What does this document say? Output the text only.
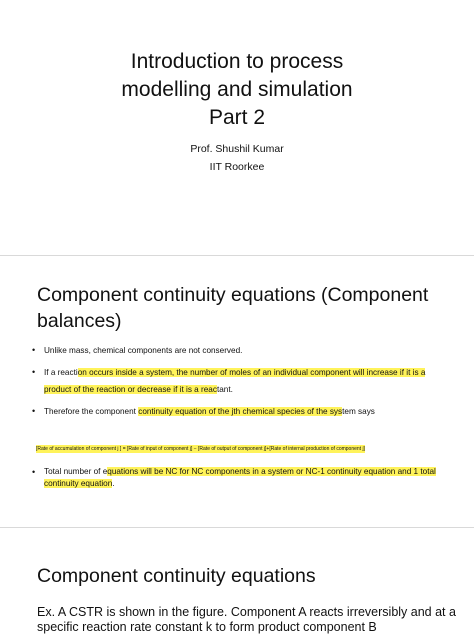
Introduction to process
modelling and simulation
Part 2
Prof. Shushil Kumar
IIT Roorkee
Component continuity equations (Component
balances)
• Unlike mass, chemical components are not conserved.
• If a reaction occurs inside a system, the number of moles of an individual component will increase if it is a product of the reaction or decrease if it is a reactant.
• Therefore the component continuity equation of the jth chemical species of the system says
[Rate of accumulation of component j ] = [Rate of input of component j] − [Rate of output of component j]+[Rate of internal production of component j]
• Total number of equations will be NC for NC components in a system or NC-1 continuity equation and 1 total continuity equation.
Component continuity equations
Ex. A CSTR is shown in the figure. Component A reacts irreversibly and at a specific reaction rate constant k to form product component B
